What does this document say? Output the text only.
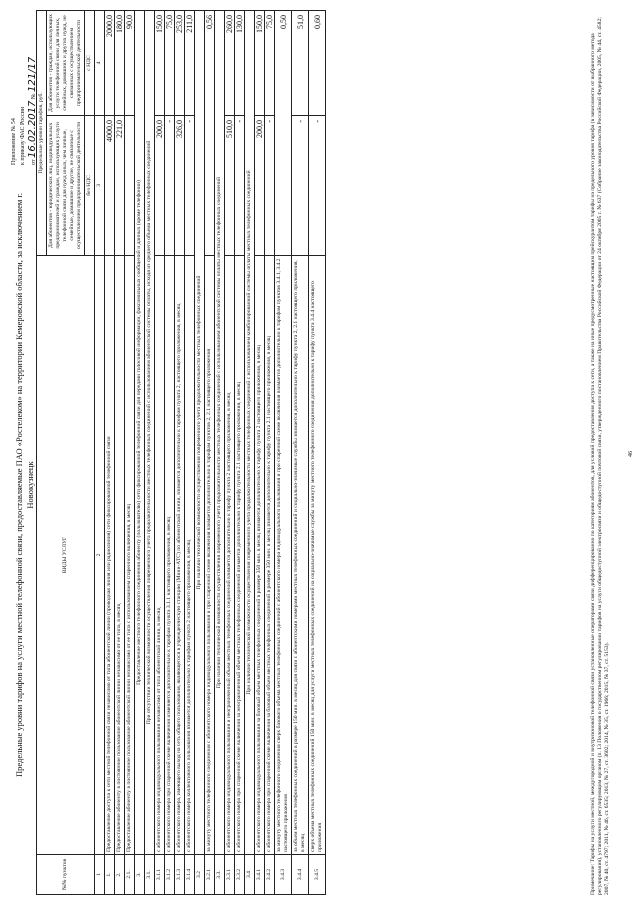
Приложение № 54 к приказу ФАС России от 16.02.2017 № 121/17
Предельные уровни тарифов на услуги местной телефонной связи, предоставляемые ПАО «Ростелеком» на территории Кемеровской области, за исключением г. Новокузнецк
№№ пунктов	ВИДЫ УСЛУГ	Предельные уровни тарифов, руб.	
		Для абонентов - юридических лиц, индивидуальных предпринимателей и граждан, использующих услуги телефонной связи для нужд иных, чем личные, семейные, домашние и другие, не связанные с осуществлением предпринимательской деятельности	Для абонентов - граждан, использующих услуги телефонной связи для личных, семейных, домашних и других нужд, не связанных с осуществлением предпринимательской деятельности
		без НДС	с НДС
1	2	3	4
1.	Предоставление доступа к сети местной телефонной связи независимо от типа абонентской линии (проводная линия или радиолиния) сети фиксированной телефонной связи	4000,0	2000,0
2.	Предоставление абоненту в постоянное пользование абонентской линии независимо от ее типа, в месяц	221,0	180,0
2.1.	Предоставление абоненту в постоянное пользование абонентской линии независимо от ее типа с использованием спаренного включения, в месяц		90,0
3.	Предоставление местного телефонного соединения абоненту (пользователю) сети фиксированной телефонной связи для передачи голосовой информации, факсимильных сообщений и данных (кроме телефонии)		
3.1.	При отсутствии технической возможности осуществления повременного учета продолжительности местных телефонных соединений с использованием абонентской системы оплаты, исходя из среднего объема местных телефонных соединений		
3.1.1	с абонентского номера индивидуального пользования независимо от типа абонентской линии, в месяц	200,0	150,0
3.1.2	с абонентского номера при спаренной схеме включения изменяется дополнительно к тарифам пункта 3.1.1 настоящего приложения, в месяц	-	75,0
3.1.3	с абонентского номера, имеющего выход на сеть общего пользования, являющегося в учрежденческую станцию (Мини-АТС) по абонентской линии, взимается дополнительно к тарифам пункта 2, настоящего приложения, в месяц	326,0	253,0
3.1.4	с абонентского номера коллективного пользования взимается дополнительно к тарифам пункта 2 настоящего приложения, в месяц	-	211,0
3.2	При наличии технической возможности осуществления повременного учета продолжительности местных телефонных соединений		
3.2.1	за минуту местного телефонного соединения с абонентского номера индивидуального пользования и при спаренной схеме включения взимается дополнительно к тарифам пунктов 2, 2.1 настоящего приложения	0,56	
3.3.	При наличии технической возможности осуществления повременного учета продолжительности местных телефонных соединений с использованием абонентской системы оплаты местных телефонных соединений		
3.3.1	с абонентского номера индивидуального пользования и неограниченный объем местных телефонных соединений взимается дополнительно к тарифу пункта 2 настоящего приложения, в месяц	510,0	260,0
3.3.2	с абонентского номера при спаренной схеме включения за неограниченный объем местных телефонных соединений взимается дополнительно к тарифу пункта 2.1 настоящего приложения, в месяц	-	130,0
3.4	При наличии технической возможности осуществления повременного учета продолжительности местных телефонных соединений с использованием комбинированной системы оплаты местных телефонных соединений		
3.4.1	с абонентского номера индивидуального пользования за базовый объем местных телефонных соединений в размере 350 мин. в месяц взимается дополнительно к тарифу пункта 2 настоящего приложения, в месяц	200,0	150,0
3.4.2	с абонентского номера при спаренной схеме включения за базовый объем местных телефонных соединений в размере 350 мин. в месяц взимается дополнительно к тарифу пункта 2.1 настоящего приложения, в месяц	-	75,0
3.4.3	за минуту местного телефонного соединения сверх базового объема местных телефонных соединений с абонентского номера индивидуального пользования и при спаренной схеме включения взимается дополнительно к тарифам пунктов 3.4.1, 3.4.2 настоящего приложения	0,50	
3.4.4	за объем местных телефонных соединений в размере 150 мин. в месяц для связи с абонентскими номерами местных телефонных соединений и социально-значимые службы взимается дополнительно к тарифу пункта 2, 2.1 настоящего приложения, в месяц	-	51,0
3.4.5	сверх объема местных телефонных соединений 150 мин. в месяц для услуги местных телефонных соединений на социально-значимые службы за минуту местного телефонного соединения дополнительно к тарифу пункта 3.4.4 настоящего приложения	-	0,60
Примечание: Тарифы на услуги местной, междугородной и внутризоновой телефонной связи установленные операторами связи дифференцированно по категориям абонентов, для условий предоставления доступа к сети, а также на иные предусмотренные настоящим прейскурантом тарифы на предельного уровня тарифа (в зависимости от выбранного метода регулирования), установленного регулирующим органом (п. 13 Положения о государственном регулировании тарифов на услуги общедоступной электросвязи и общедоступной почтовой связи, утвержденного постановлением Правительства Российской Федерации от 24 октября 2005 г. № 637 (Собрание законодательства Российской Федерации, 2005, № 44, ст. 4582; 2007, № 40, ст. 4797; 2011, № 46, ст. 6535; 2013, № 27, ст. 3602; 2014, № 35, ст. 1966; 2015, № 37, ст. 5153).
46
